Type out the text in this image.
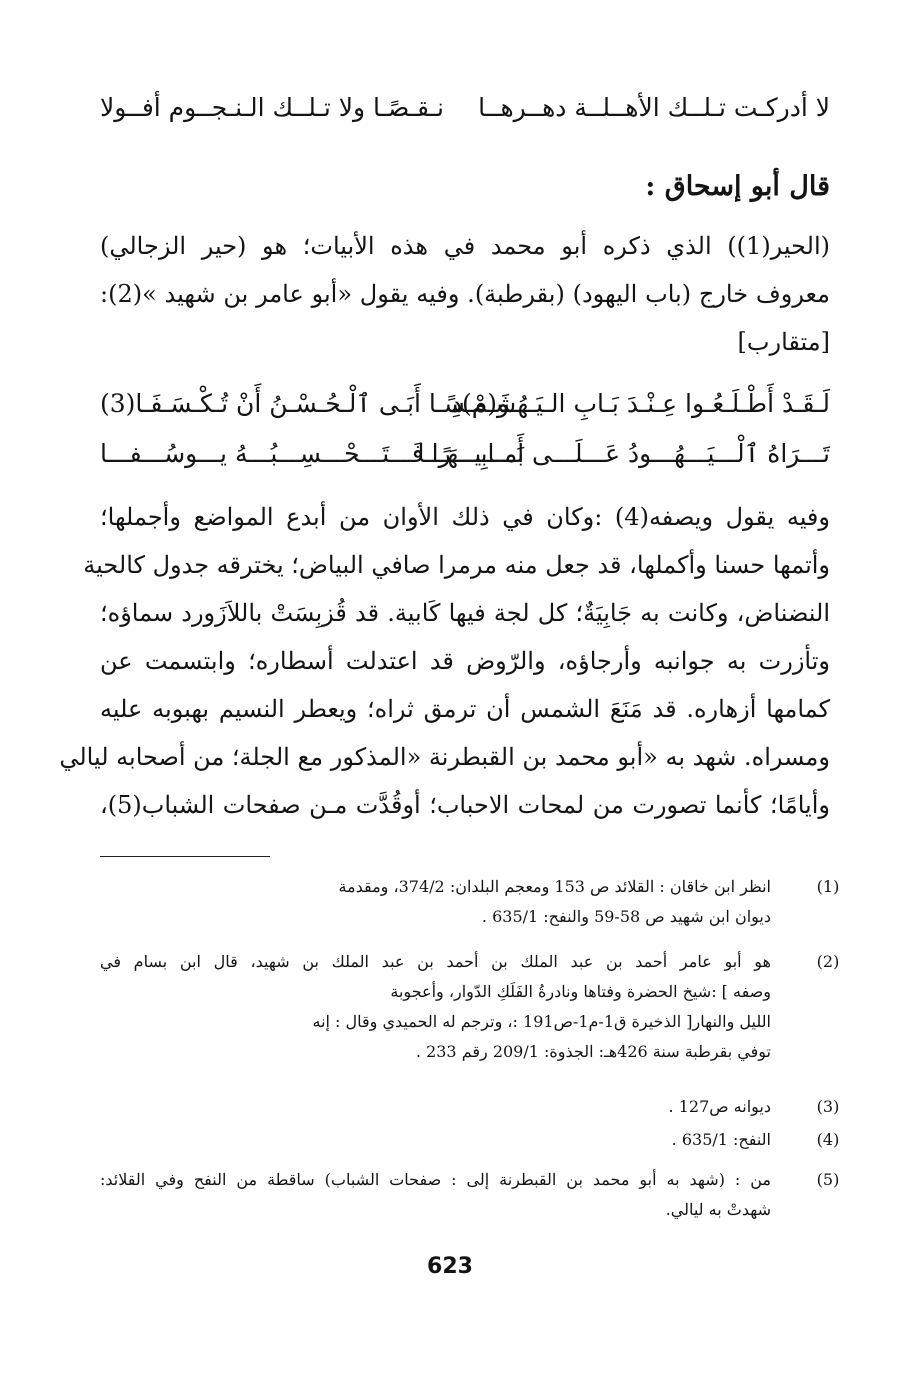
لا أدركـت تـلــك الأهــلــة دهــرهــا
نـقـصًـا ولا تـلــك الـنـجــوم أفــولا
قال أبو إسحاق :
(الحير(1)) الذي ذكره أبو محمد في هذه الأبيات؛ هو (حير الزجالي)
معروف خارج (باب اليهود) (بقرطبة). وفيه يقول «أبو عامر بن شهيد »(2):
[متقارب]
لَـقَـدْ أَطْـلَـعُـوا عِـنْـدَ بَـابِ الـيَـهُـو(م)دِ
شَـمْـسًـا أَبَـى ٱلْـحُـسْـنُ أَنْ تُـكْـسَـفَـا(3)
تَـــرَاهُ ٱلْـــيَـــهُـــودُ عَـــلَـــى بَـــابِـــهَـــا
أَمـــيـــرًا فَـــتَـــحْـــسِـــبُـــهُ يـــوسُـــفـــا
وفيه يقول ويصفه(4) :وكان في ذلك الأوان من أبدع المواضع وأجملها؛
وأتمها حسنا وأكملها، قد جعل منه مرمرا صافي البياض؛ يخترقه جدول كالحية
النضناض، وكانت به جَابِيَةٌ؛ كل لجة فيها كَابية. قد قُزبِسَتْ باللاَزَورد سماؤه؛
وتأزرت به جوانبه وأرجاؤه، والرّوض قد اعتدلت أسطاره؛ وابتسمت عن
كمامها أزهاره. قد مَنَعَ الشمس أن ترمق ثراه؛ ويعطر النسيم بهبوبه عليه
ومسراه. شهد به «أبو محمد بن القبطرنة «المذكور مع الجلة؛ من أصحابه ليالي
وأيامًا؛ كأنما تصورت من لمحات الاحباب؛ أوقُدَّت مـن صفحات الشباب(5)،
(1)
انظر ابن خاقان : القلائد ص 153 ومعجم البلدان: 374/2، ومقدمة
ديوان ابن شهيد ص 58-59 والنفح: 635/1 .
(2)
هو أبو عامر أحمد بن عبد الملك بن أحمد بن عبد الملك بن شهيد، قال ابن بسام في
وصفه ] :شيخ الحضرة وفتاها ونادرةُ الفَلَكِ الدّوار، وأعجوبة
الليل والنهار[ الذخيرة ق1-م1-ص191 :، وترجم له الحميدي وقال : إنه
توفي بقرطبة سنة 426هـ: الجذوة: 209/1 رقم 233 .
(3)
ديوانه ص127 .
(4)
النفح: 635/1 .
(5)
من : (شهد به أبو محمد بن القبطرنة إلى : صفحات الشباب) ساقطة من النفح وفي القلائد:
شهدتْ به ليالي.
623
